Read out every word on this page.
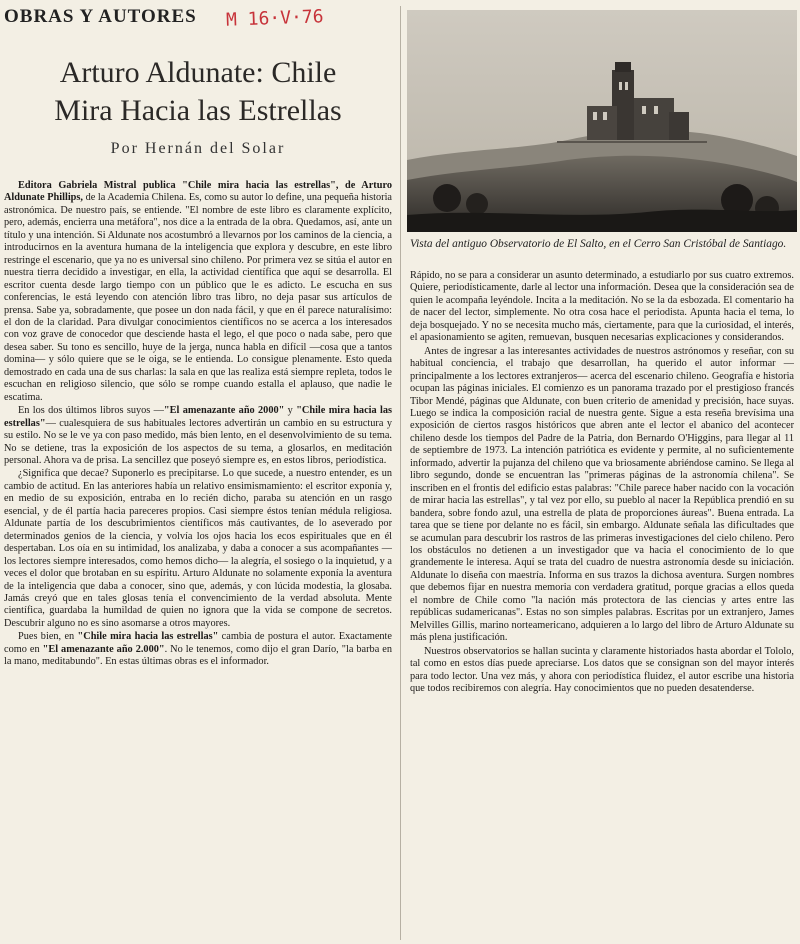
OBRAS Y AUTORES M 16·V·76
Arturo Aldunate: Chile
Mira Hacia las Estrellas
Por Hernán del Solar

Editora Gabriela Mistral publica "Chile mira hacia las estrellas", de Arturo Aldunate Phillips, de la Academia Chilena. Es, como su autor lo define, una pequeña historia astronómica. De nuestro país, se entiende. "El nombre de este libro es claramente explícito, pero, además, encierra una metáfora", nos dice a la entrada de la obra. Quedamos, así, ante un título y una intención. Si Aldunate nos acostumbró a llevarnos por los caminos de la ciencia, a introducirnos en la aventura humana de la inteligencia que explora y descubre, en este libro restringe el escenario, que ya no es universal sino chileno. Por primera vez se sitúa el autor en nuestra tierra decidido a investigar, en ella, la actividad científica que aquí se desarrolla. El escritor cuenta desde largo tiempo con un público que le es adicto. Le escucha en sus conferencias, le está leyendo con atención libro tras libro, no deja pasar sus artículos de prensa. Sabe ya, sobradamente, que posee un don nada fácil, y que en él parece naturalísimo: el don de la claridad. Para divulgar conocimientos científicos no se acerca a los interesados con voz grave de conocedor que desciende hasta el lego, el que poco o nada sabe, pero que desea saber. Su tono es sencillo, huye de la jerga, nunca habla en difícil —cosa que a tantos domina— y sólo quiere que se le oiga, se le entienda. Lo consigue plenamente. Esto queda demostrado en cada una de sus charlas: la sala en que las realiza está siempre repleta, todos le escuchan en religioso silencio, que sólo se rompe cuando estalla el aplauso, que nadie le escatima.

En los dos últimos libros suyos —"El amenazante año 2000" y "Chile mira hacia las estrellas"— cualesquiera de sus habituales lectores advertirán un cambio en su estructura y su estilo. No se le ve ya con paso medido, más bien lento, en el desenvolvimiento de su tema. No se detiene, tras la exposición de los aspectos de su tema, a glosarlos, en meditación personal. Ahora va de prisa. La sencillez que poseyó siempre es, en estos libros, periodística.

¿Significa que decae? Suponerlo es precipitarse. Lo que sucede, a nuestro entender, es un cambio de actitud. En las anteriores había un relativo ensimismamiento: el escritor exponía y, en medio de su exposición, entraba en lo recién dicho, paraba su atención en un rasgo esencial, y de él partía hacia pareceres propios. Casi siempre éstos tenían médula religiosa. Aldunate partía de los descubrimientos científicos más cautivantes, de lo aseverado por determinados genios de la ciencia, y volvía los ojos hacia los ecos espirituales que en él despertaban. Los oía en su intimidad, los analizaba, y daba a conocer a sus acompañantes —los lectores siempre interesados, como hemos dicho— la alegría, el sosiego o la inquietud, y a veces el dolor que brotaban en su espíritu. Arturo Aldunate no solamente exponía la aventura de la inteligencia que daba a conocer, sino que, además, y con lúcida modestia, la glosaba. Jamás creyó que en tales glosas tenía el convencimiento de la verdad absoluta. Mente científica, guardaba la humildad de quien no ignora que la vida se compone de secretos. Descubrir alguno no es sino asomarse a otros mayores.

Pues bien, en "Chile mira hacia las estrellas" cambia de postura el autor. Exactamente como en "El amenazante año 2.000". No le tenemos, como dijo el gran Darío, "la barba en la mano, meditabundo". En estas últimas obras es el informador.

Vista del antiguo Observatorio de El Salto, en el Cerro San Cristóbal de Santiago.

Rápido, no se para a considerar un asunto determinado, a estudiarlo por sus cuatro extremos. Quiere, periodísticamente, darle al lector una información. Desea que la consideración sea de quien le acompaña leyéndole. Incita a la meditación. No se la da esbozada. El comentario ha de nacer del lector, simplemente. No otra cosa hace el periodista. Apunta hacia el tema, lo deja bosquejado. Y no se necesita mucho más, ciertamente, para que la curiosidad, el interés, el apasionamiento se agiten, remuevan, busquen necesarias explicaciones y considerandos.

Antes de ingresar a las interesantes actividades de nuestros astrónomos y reseñar, con su habitual conciencia, el trabajo que desarrollan, ha querido el autor informar —principalmente a los lectores extranjeros— acerca del escenario chileno. Geografía e historia ocupan las páginas iniciales. El comienzo es un panorama trazado por el prestigioso francés Tibor Mendé, páginas que Aldunate, con buen criterio de amenidad y precisión, hace suyas. Luego se indica la composición racial de nuestra gente. Sigue a esta reseña brevísima una exposición de ciertos rasgos históricos que abren ante el lector el abanico del acontecer chileno desde los tiempos del Padre de la Patria, don Bernardo O'Higgins, para llegar al 11 de septiembre de 1973. La intención patriótica es evidente y permite, al no suficientemente informado, advertir la pujanza del chileno que va briosamente abriéndose camino. Se llega al libro segundo, donde se encuentran las "primeras páginas de la astronomía chilena". Se inscriben en el frontis del edificio estas palabras: "Chile parece haber nacido con la vocación de mirar hacia las estrellas", y tal vez por ello, su pueblo al nacer la República prendió en su bandera, sobre fondo azul, una estrella de plata de proporciones áureas". Buena entrada. La tarea que se tiene por delante no es fácil, sin embargo. Aldunate señala las dificultades que se acumulan para descubrir los rastros de las primeras investigaciones del cielo chileno. Pero los obstáculos no detienen a un investigador que va hacia el conocimiento de lo que grandemente le interesa. Aquí se trata del cuadro de nuestra astronomía desde su iniciación. Aldunate lo diseña con maestría. Informa en sus trazos la dichosa aventura. Surgen nombres que debemos fijar en nuestra memoria con verdadera gratitud, porque gracias a ellos queda el nombre de Chile como "la nación más protectora de las ciencias y artes entre las repúblicas sudamericanas". Estas no son simples palabras. Escritas por un extranjero, James Melvilles Gillis, marino norteamericano, adquieren a lo largo del libro de Arturo Aldunate su más plena justificación.

Nuestros observatorios se hallan sucinta y claramente historiados hasta abordar el Tololo, tal como en estos días puede apreciarse. Los datos que se consignan son del mayor interés para todo lector. Una vez más, y ahora con periodística fluidez, el autor escribe una historia que todos recibiremos con alegría. Hay conocimientos que no pueden desatenderse.
